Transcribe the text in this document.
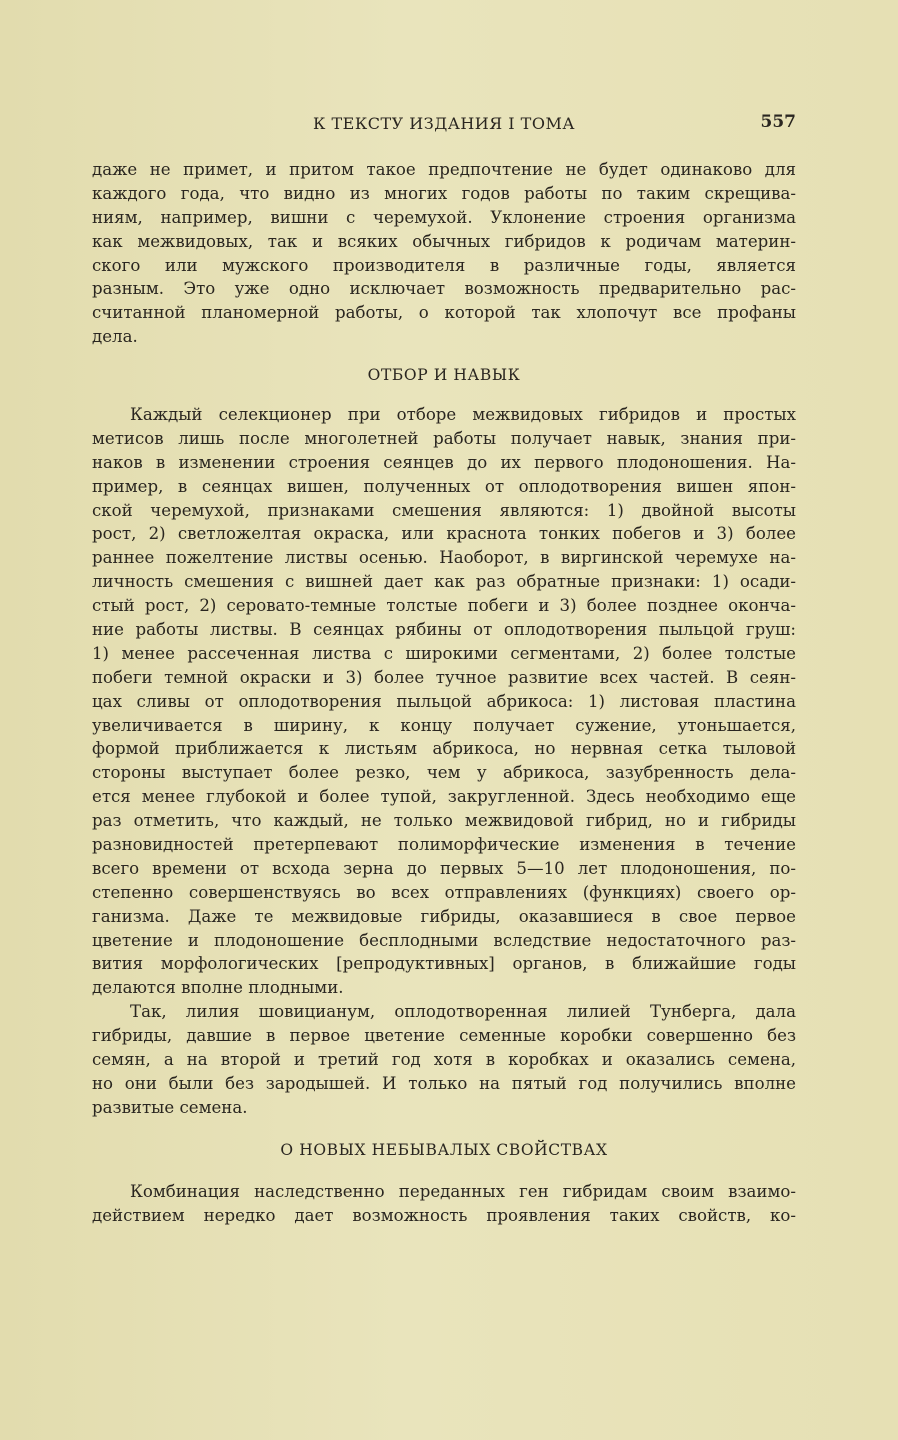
К ТЕКСТУ ИЗДАНИЯ I ТОМА	557
даже не примет, и притом такое предпочтение не будет одинаково для
каждого года, что видно из многих годов работы по таким скрещива-
ниям, например, вишни с черемухой. Уклонение строения организма
как межвидовых, так и всяких обычных гибридов к родичам материн-
ского или мужского производителя в различные годы, является
разным. Это уже одно исключает возможность предварительно рас-
считанной планомерной работы, о которой так хлопочут все профаны
дела.
ОТБОР И НАВЫК
Каждый селекционер при отборе межвидовых гибридов и простых
метисов лишь после многолетней работы получает навык, знания при-
наков в изменении строения сеянцев до их первого плодоношения. На-
пример, в сеянцах вишен, полученных от оплодотворения вишен япон-
ской черемухой, признаками смешения являются: 1) двойной высоты
рост, 2) светложелтая окраска, или краснота тонких побегов и 3) более
раннее пожелтение листвы осенью. Наоборот, в виргинской черемухе на-
личность смешения с вишней дает как раз обратные признаки: 1) осади-
стый рост, 2) серовато-темные толстые побеги и 3) более позднее оконча-
ние работы листвы. В сеянцах рябины от оплодотворения пыльцой груш:
1) менее рассеченная листва с широкими сегментами, 2) более толстые
побеги темной окраски и 3) более тучное развитие всех частей. В сеян-
цах сливы от оплодотворения пыльцой абрикоса: 1) листовая пластина
увеличивается в ширину, к концу получает сужение, утоньшается,
формой приближается к листьям абрикоса, но нервная сетка тыловой
стороны выступает более резко, чем у абрикоса, зазубренность дела-
ется менее глубокой и более тупой, закругленной. Здесь необходимо еще
раз отметить, что каждый, не только межвидовой гибрид, но и гибриды
разновидностей претерпевают полиморфические изменения в течение
всего времени от всхода зерна до первых 5—10 лет плодоношения, по-
степенно совершенствуясь во всех отправлениях (функциях) своего ор-
ганизма. Даже те межвидовые гибриды, оказавшиеся в свое первое
цветение и плодоношение бесплодными вследствие недостаточного раз-
вития морфологических [репродуктивных] органов, в ближайшие годы
делаются вполне плодными.
Так, лилия шовицианум, оплодотворенная лилией Тунберга, дала
гибриды, давшие в первое цветение семенные коробки совершенно без
семян, а на второй и третий год хотя в коробках и оказались семена,
но они были без зародышей. И только на пятый год получились вполне
развитые семена.
О НОВЫХ НЕБЫВАЛЫХ СВОЙСТВАХ
Комбинация наследственно переданных ген гибридам своим взаимо-
действием нередко дает возможность проявления таких свойств, ко-
